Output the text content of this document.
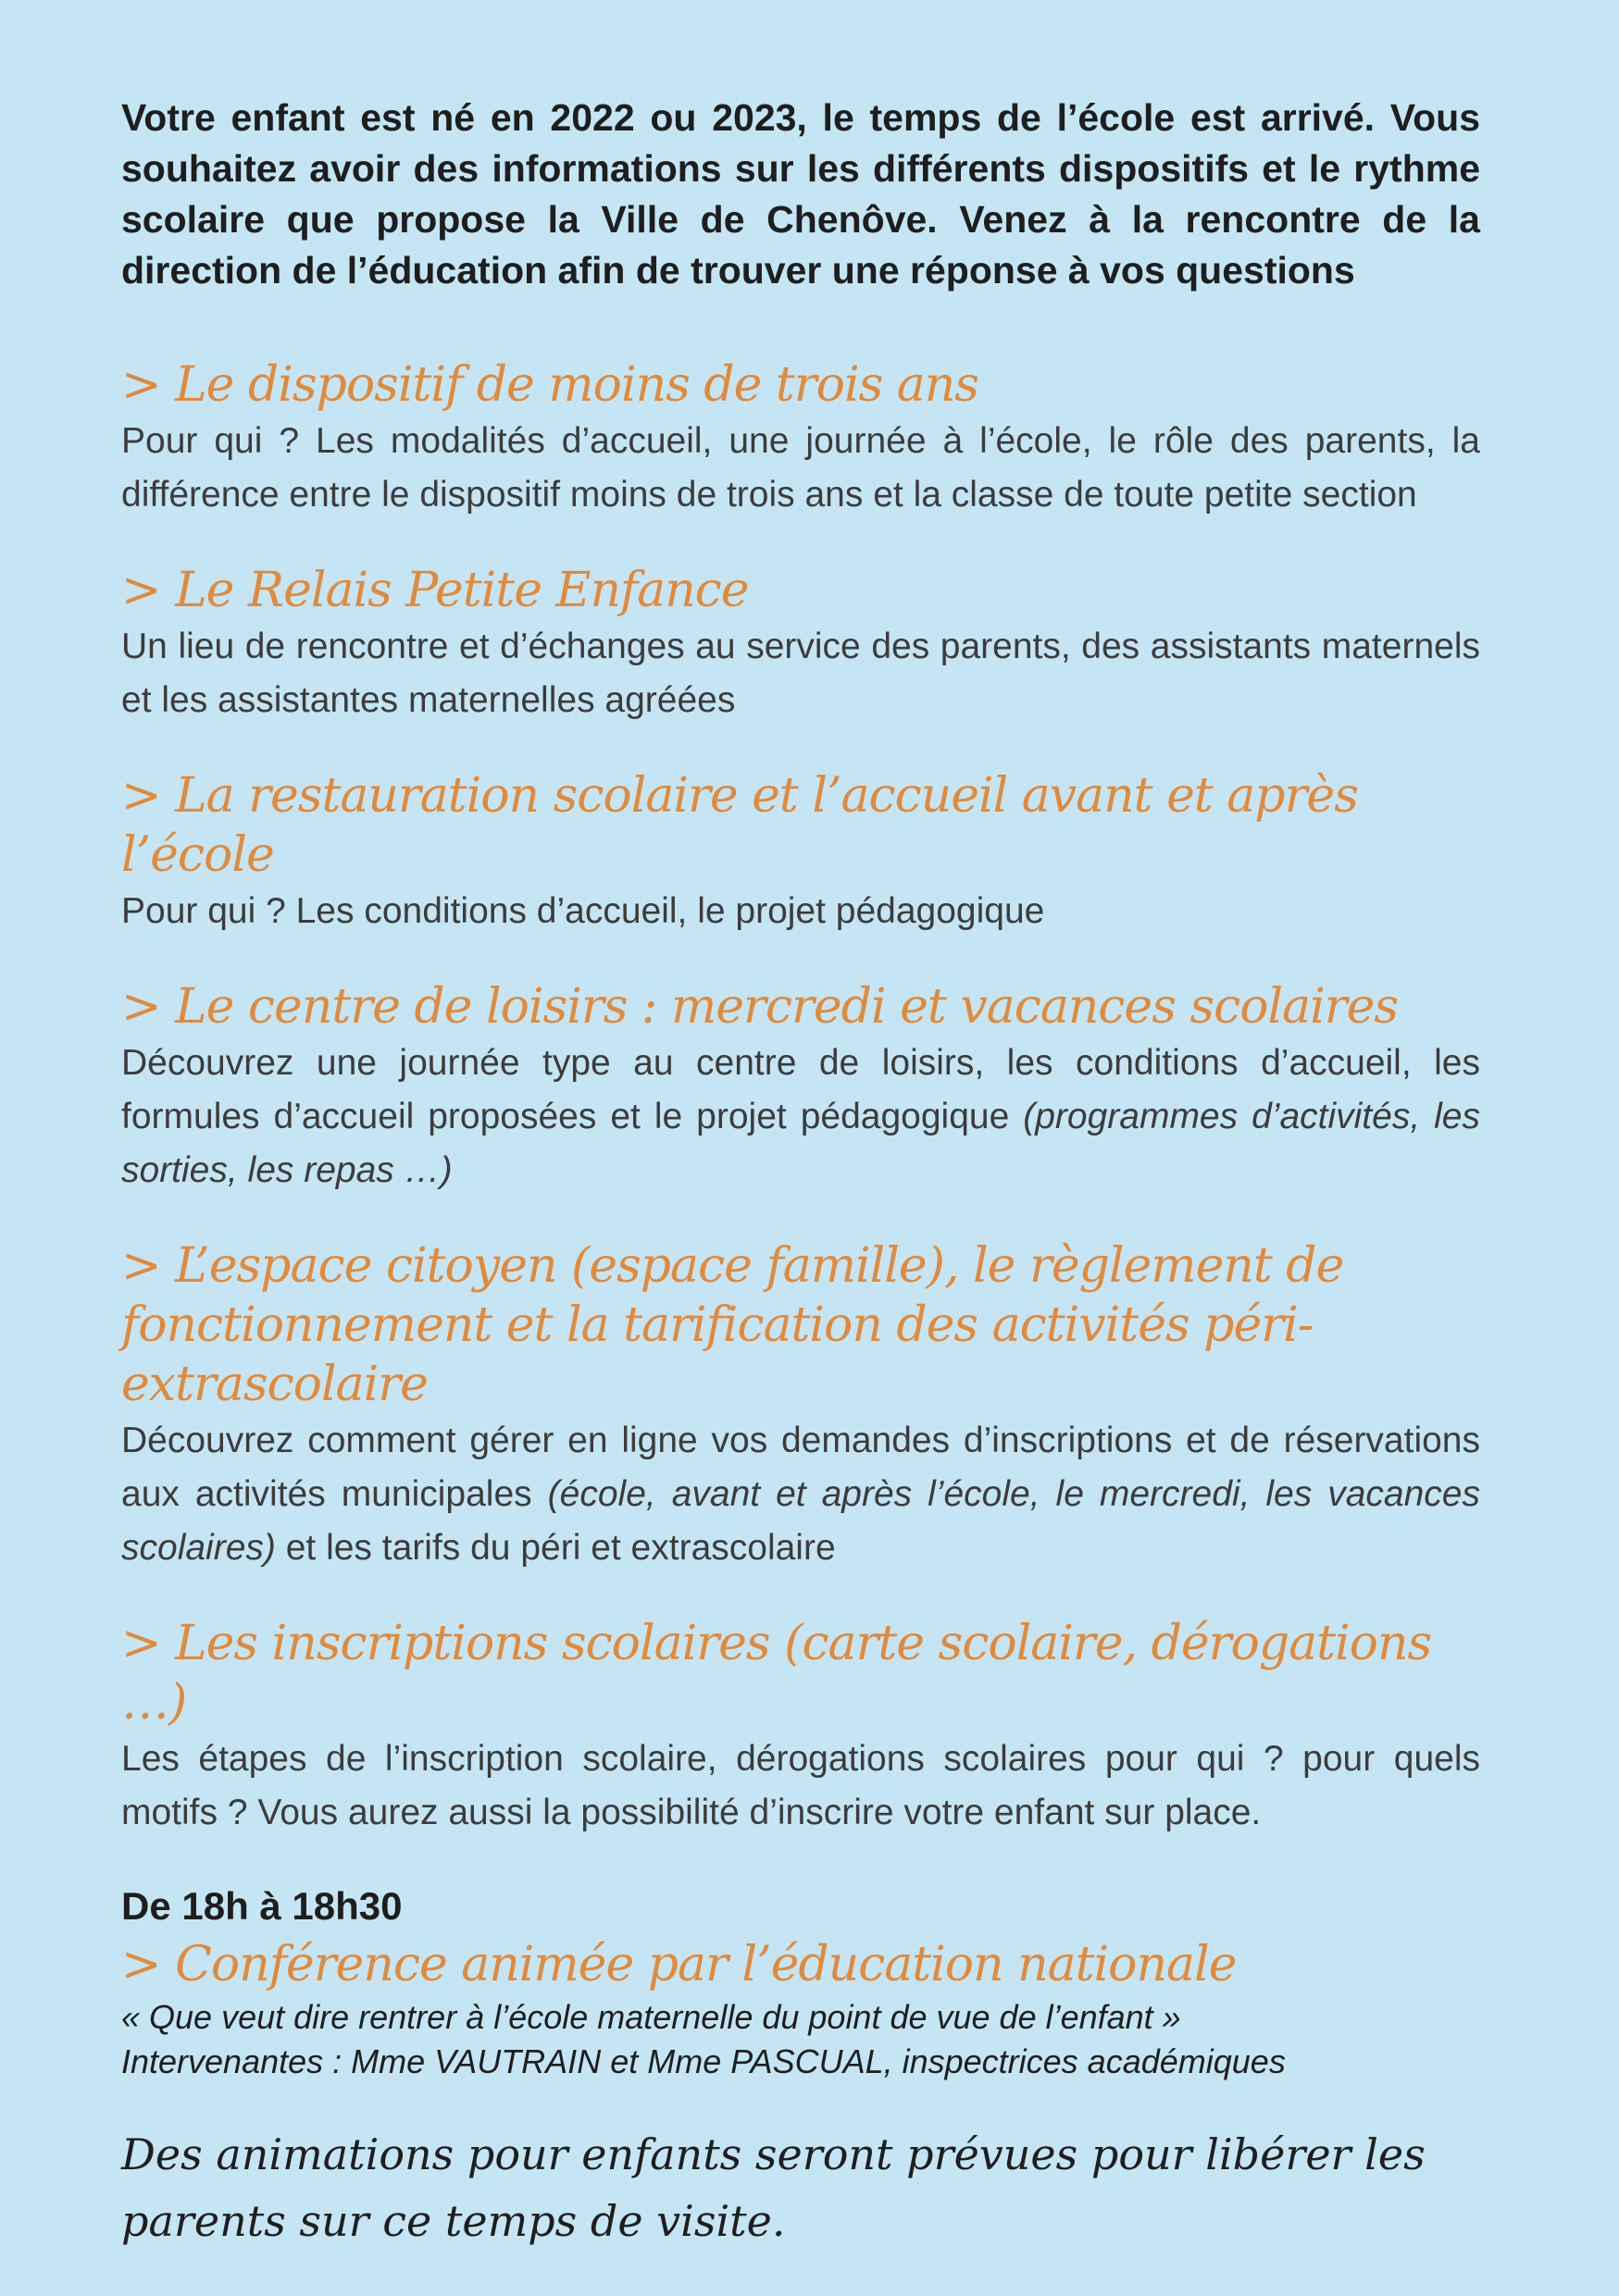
Votre enfant est né en 2022 ou 2023, le temps de l’école est arrivé. Vous souhaitez avoir des informations sur les différents dispositifs et le rythme scolaire que propose la Ville de Chenôve. Venez à la rencontre de la direction de l’éducation afin de trouver une réponse à vos questions

> Le dispositif de moins de trois ans

Pour qui ? Les modalités d’accueil, une journée à l’école, le rôle des parents, la différence entre le dispositif moins de trois ans et la classe de toute petite section

> Le Relais Petite Enfance

Un lieu de rencontre et d’échanges au service des parents, des assistants maternels et les assistantes maternelles agréées

> La restauration scolaire et l’accueil avant et après l’école

Pour qui ? Les conditions d’accueil, le projet pédagogique

> Le centre de loisirs : mercredi et vacances scolaires

Découvrez une journée type au centre de loisirs, les conditions d’accueil, les formules d’accueil proposées et le projet pédagogique (programmes d’activités, les sorties, les repas …)

> L’espace citoyen (espace famille), le règlement de fonctionnement et la tarification des activités péri-extrascolaire

Découvrez comment gérer en ligne vos demandes d’inscriptions et de réservations aux activités municipales (école, avant et après l’école, le mercredi, les vacances scolaires) et les tarifs du péri et extrascolaire

> Les inscriptions scolaires (carte scolaire, dérogations …)

Les étapes de l’inscription scolaire, dérogations scolaires pour qui ? pour quels motifs ? Vous aurez aussi la possibilité d’inscrire votre enfant sur place.

De 18h à 18h30

> Conférence animée par l’éducation nationale

« Que veut dire rentrer à l’école maternelle du point de vue de l’enfant »

Intervenantes : Mme VAUTRAIN et Mme PASCUAL, inspectrices académiques

Des animations pour enfants seront prévues pour libérer les parents sur ce temps de visite.
